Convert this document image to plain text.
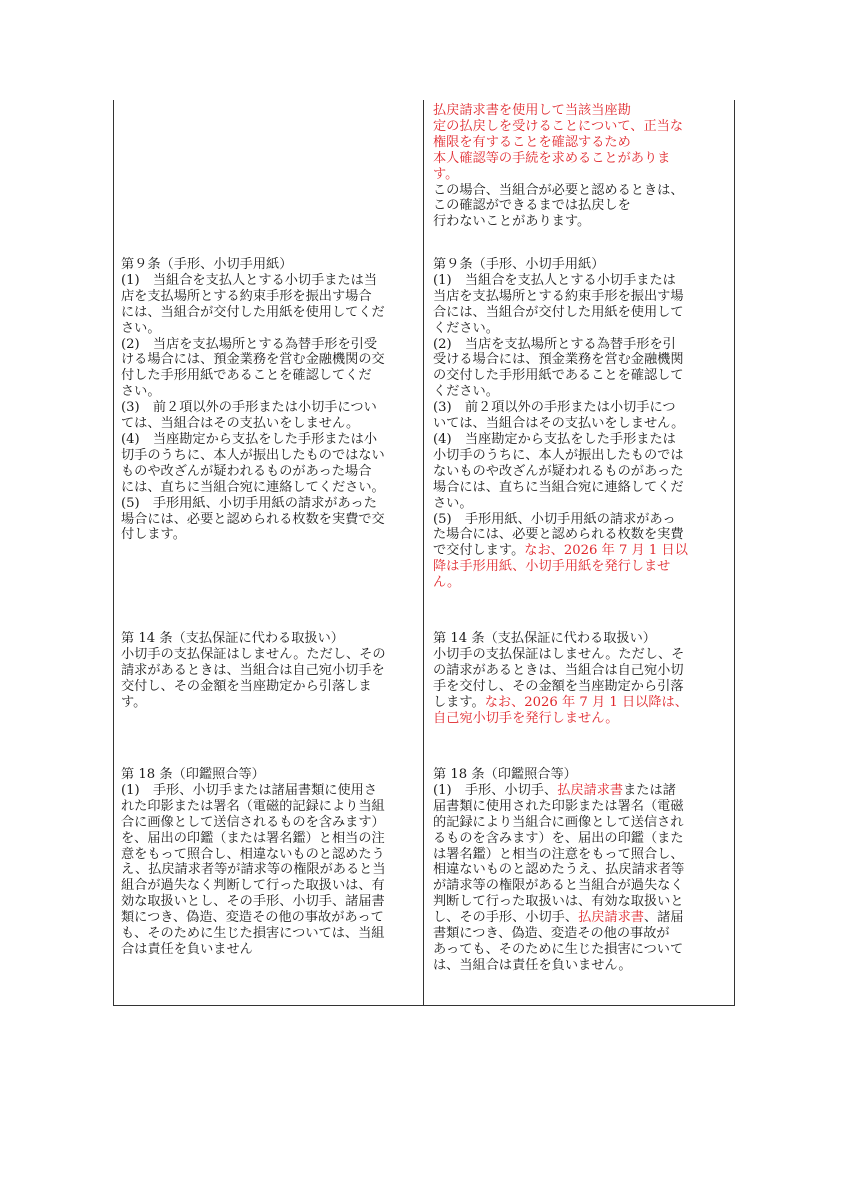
払戻請求書を使用して当該当座勘
定の払戻しを受けることについて、正当な
権限を有することを確認するため
本人確認等の手続を求めることがありま
す。
この場合、当組合が必要と認めるときは、
この確認ができるまでは払戻しを
行わないことがあります。
第９条（手形、小切手用紙）
(1)　当組合を支払人とする小切手または当
店を支払場所とする約束手形を振出す場合
には、当組合が交付した用紙を使用してくだ
さい。
(2)　当店を支払場所とする為替手形を引受
ける場合には、預金業務を営む金融機関の交
付した手形用紙であることを確認してくだ
さい。
(3)　前２項以外の手形または小切手につい
ては、当組合はその支払いをしません。
(4)　当座勘定から支払をした手形または小
切手のうちに、本人が振出したものではない
ものや改ざんが疑われるものがあった場合
には、直ちに当組合宛に連絡してください。
(5)　手形用紙、小切手用紙の請求があった
場合には、必要と認められる枚数を実費で交
付します。
第９条（手形、小切手用紙）
(1)　当組合を支払人とする小切手または
当店を支払場所とする約束手形を振出す場
合には、当組合が交付した用紙を使用して
ください。
(2)　当店を支払場所とする為替手形を引
受ける場合には、預金業務を営む金融機関
の交付した手形用紙であることを確認して
ください。
(3)　前２項以外の手形または小切手につ
いては、当組合はその支払いをしません。
(4)　当座勘定から支払をした手形または
小切手のうちに、本人が振出したものでは
ないものや改ざんが疑われるものがあった
場合には、直ちに当組合宛に連絡してくだ
さい。
(5)　手形用紙、小切手用紙の請求があっ
た場合には、必要と認められる枚数を実費
で交付します。なお、2026 年 7 月 1 日以
降は手形用紙、小切手用紙を発行しませ
ん。
第 14 条（支払保証に代わる取扱い）
小切手の支払保証はしません。ただし、その
請求があるときは、当組合は自己宛小切手を
交付し、その金額を当座勘定から引落しま
す。
第 14 条（支払保証に代わる取扱い）
小切手の支払保証はしません。ただし、そ
の請求があるときは、当組合は自己宛小切
手を交付し、その金額を当座勘定から引落
します。なお、2026 年 7 月 1 日以降は、
自己宛小切手を発行しません。
第 18 条（印鑑照合等）
(1)　手形、小切手または諸届書類に使用さ
れた印影または署名（電磁的記録により当組
合に画像として送信されるものを含みます）
を、届出の印鑑（または署名鑑）と相当の注
意をもって照合し、相違ないものと認めたう
え、払戻請求者等が請求等の権限があると当
組合が過失なく判断して行った取扱いは、有
効な取扱いとし、その手形、小切手、諸届書
類につき、偽造、変造その他の事故があって
も、そのために生じた損害については、当組
合は責任を負いません
第 18 条（印鑑照合等）
(1)　手形、小切手、払戻請求書または諸
届書類に使用された印影または署名（電磁
的記録により当組合に画像として送信され
るものを含みます）を、届出の印鑑（また
は署名鑑）と相当の注意をもって照合し、
相違ないものと認めたうえ、払戻請求者等
が請求等の権限があると当組合が過失なく
判断して行った取扱いは、有効な取扱いと
し、その手形、小切手、払戻請求書、諸届
書類につき、偽造、変造その他の事故が
あっても、そのために生じた損害について
は、当組合は責任を負いません。
